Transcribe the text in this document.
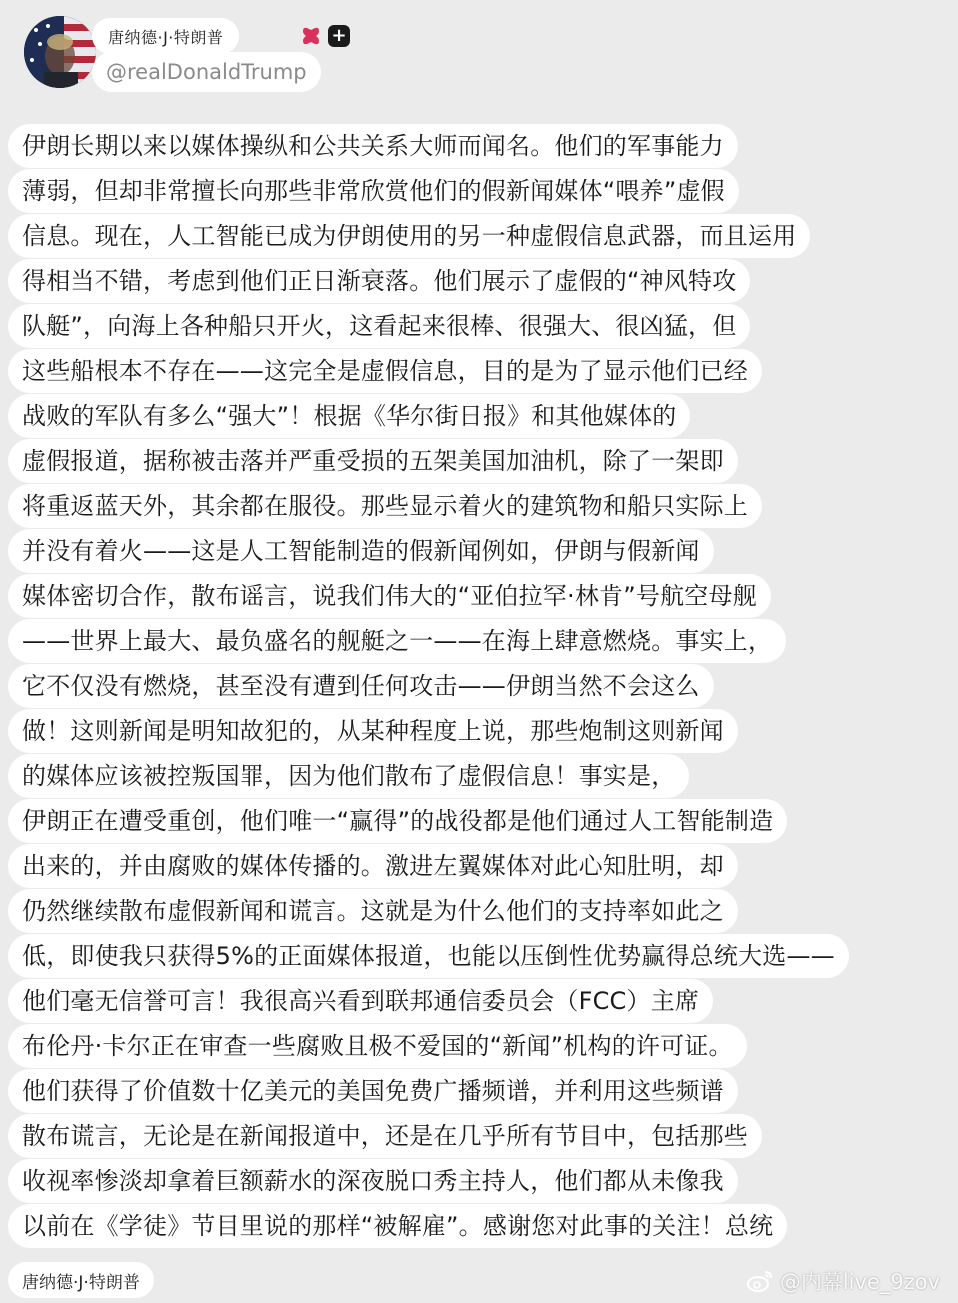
唐纳德·J·特朗普	+
@realDonaldTrump
伊朗长期以来以媒体操纵和公共关系大师而闻名。他们的军事能力
薄弱，但却非常擅长向那些非常欣赏他们的假新闻媒体“喂养”虚假
信息。现在，人工智能已成为伊朗使用的另一种虚假信息武器，而且运用
得相当不错，考虑到他们正日渐衰落。他们展示了虚假的“神风特攻
队艇”，向海上各种船只开火，这看起来很棒、很强大、很凶猛，但
这些船根本不存在——这完全是虚假信息，目的是为了显示他们已经
战败的军队有多么“强大”！根据《华尔街日报》和其他媒体的
虚假报道，据称被击落并严重受损的五架美国加油机，除了一架即
将重返蓝天外，其余都在服役。那些显示着火的建筑物和船只实际上
并没有着火——这是人工智能制造的假新闻例如，伊朗与假新闻
媒体密切合作，散布谣言，说我们伟大的“亚伯拉罕·林肯”号航空母舰
——世界上最大、最负盛名的舰艇之一——在海上肆意燃烧。事实上，
它不仅没有燃烧，甚至没有遭到任何攻击——伊朗当然不会这么
做！这则新闻是明知故犯的，从某种程度上说，那些炮制这则新闻
的媒体应该被控叛国罪，因为他们散布了虚假信息！事实是，
伊朗正在遭受重创，他们唯一“赢得”的战役都是他们通过人工智能制造
出来的，并由腐败的媒体传播的。激进左翼媒体对此心知肚明，却
仍然继续散布虚假新闻和谎言。这就是为什么他们的支持率如此之
低，即使我只获得5%的正面媒体报道，也能以压倒性优势赢得总统大选——
他们毫无信誉可言！我很高兴看到联邦通信委员会（FCC）主席
布伦丹·卡尔正在审查一些腐败且极不爱国的“新闻”机构的许可证。
他们获得了价值数十亿美元的美国免费广播频谱，并利用这些频谱
散布谎言，无论是在新闻报道中，还是在几乎所有节目中，包括那些
收视率惨淡却拿着巨额薪水的深夜脱口秀主持人，他们都从未像我
以前在《学徒》节目里说的那样“被解雇”。感谢您对此事的关注！总统
唐纳德·J·特朗普	@内幕live_9zov
